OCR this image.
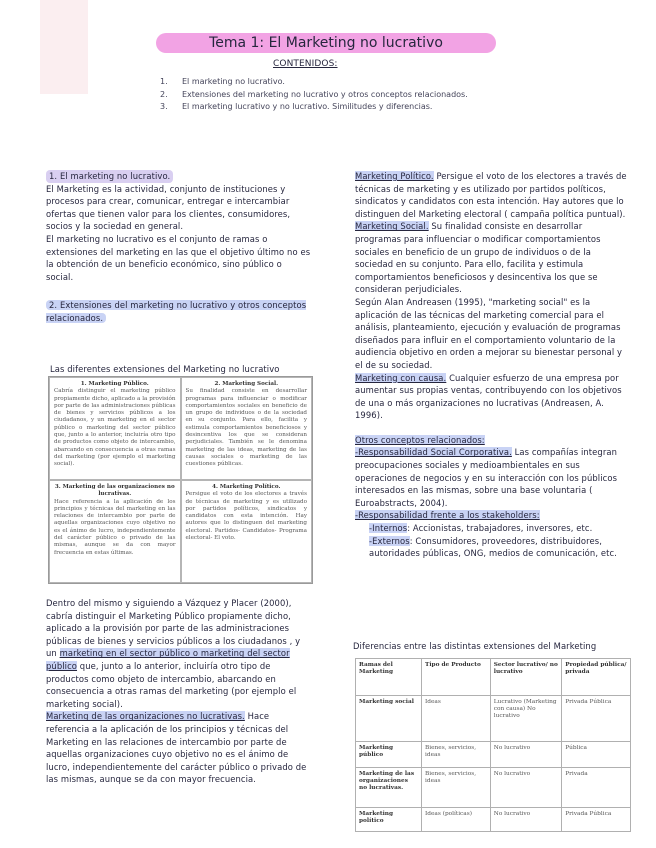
Tema 1: El Marketing no lucrativo
CONTENIDOS:
1. El marketing no lucrativo.
2. Extensiones del marketing no lucrativo y otros conceptos relacionados.
3. El marketing lucrativo y no lucrativo. Similitudes y diferencias.
1. El marketing no lucrativo.

El Marketing es la actividad, conjunto de instituciones y procesos para crear, comunicar, entregar e intercambiar ofertas que tienen valor para los clientes, consumidores, socios y la sociedad en general.

El marketing no lucrativo es el conjunto de ramas o extensiones del marketing en las que el objetivo último no es la obtención de un beneficio económico, sino público o social.

2. Extensiones del marketing no lucrativo y otros conceptos relacionados.
Las diferentes extensiones del Marketing no lucrativo
1. Marketing Público.
Cabría distinguir el marketing público propiamente dicho, aplicado a la provisión por parte de las administraciones públicas de bienes y servicios públicos a los ciudadanos, y un marketing en el sector público o marketing del sector público que, junto a lo anterior, incluiría otro tipo de productos como objeto de intercambio, abarcando en consecuencia a otras ramas del marketing (por ejemplo el marketing social).
2. Marketing Social.
Su finalidad consiste en desarrollar programas para influenciar o modificar comportamientos sociales en beneficio de un grupo de individuos o de la sociedad en su conjunto. Para ello, facilita y estimula comportamientos beneficiosos y desincentiva los que se consideran perjudiciales. También se le denomina marketing de las ideas, marketing de las causas sociales o marketing de las cuestiones públicas.
3. Marketing de las organizaciones no lucrativas.
Hace referencia a la aplicación de los principios y técnicas del marketing en las relaciones de intercambio por parte de aquellas organizaciones cuyo objetivo no es el ánimo de lucro, independientemente del carácter público o privado de las mismas, aunque se da con mayor frecuencia en estas últimas.
4. Marketing Político.
Persigue el voto de los electores a través de técnicas de marketing y es utilizado por partidos políticos, sindicatos y candidatos con esta intención. Hay autores que lo distinguen del marketing electoral. Partidos- Candidatos- Programa electoral- El voto.

Dentro del mismo y siguiendo a Vázquez y Placer (2000), cabría distinguir el Marketing Público propiamente dicho, aplicado a la provisión por parte de las administraciones públicas de bienes y servicios públicos a los ciudadanos , y un marketing en el sector público o marketing del sector público que, junto a lo anterior, incluiría otro tipo de productos como objeto de intercambio, abarcando en consecuencia a otras ramas del marketing (por ejemplo el marketing social).

Marketing de las organizaciones no lucrativas. Hace referencia a la aplicación de los principios y técnicas del Marketing en las relaciones de intercambio por parte de aquellas organizaciones cuyo objetivo no es el ánimo de lucro, independientemente del carácter público o privado de las mismas, aunque se da con mayor frecuencia.

Marketing Político. Persigue el voto de los electores a través de técnicas de marketing y es utilizado por partidos políticos, sindicatos y candidatos con esta intención. Hay autores que lo distinguen del Marketing electoral ( campaña política puntual).

Marketing Social. Su finalidad consiste en desarrollar programas para influenciar o modificar comportamientos sociales en beneficio de un grupo de individuos o de la sociedad en su conjunto. Para ello, facilita y estimula comportamientos beneficiosos y desincentiva los que se consideran perjudiciales.

Según Alan Andreasen (1995), "marketing social" es la aplicación de las técnicas del marketing comercial para el análisis, planteamiento, ejecución y evaluación de programas diseñados para influir en el comportamiento voluntario de la audiencia objetivo en orden a mejorar su bienestar personal y el de su sociedad.

Marketing con causa. Cualquier esfuerzo de una empresa por aumentar sus propias ventas, contribuyendo con los objetivos de una o más organizaciones no lucrativas (Andreasen, A. 1996).

Otros conceptos relacionados:

-Responsabilidad Social Corporativa. Las compañías integran preocupaciones sociales y medioambientales en sus operaciones de negocios y en su interacción con los públicos interesados en las mismas, sobre una base voluntaria ( Euroabstracts, 2004).

-Responsabilidad frente a los stakeholders:

-Internos: Accionistas, trabajadores, inversores, etc.

-Externos: Consumidores, proveedores, distribuidores, autoridades públicas, ONG, medios de comunicación, etc.

Diferencias entre las distintas extensiones del Marketing
Ramas del Marketing	Tipo de Producto	Sector lucrativo/ no lucrativo	Propiedad pública/ privada
Marketing social	Ideas	Lucrativo (Marketing con causa) No lucrativo	Privada Pública
Marketing público	Bienes, servicios, ideas	No lucrativo	Pública
Marketing de las organizaciones no lucrativas.	Bienes, servicios, ideas	No lucrativo	Privada
Marketing político	Ideas (políticas)	No lucrativo	Privada Pública
